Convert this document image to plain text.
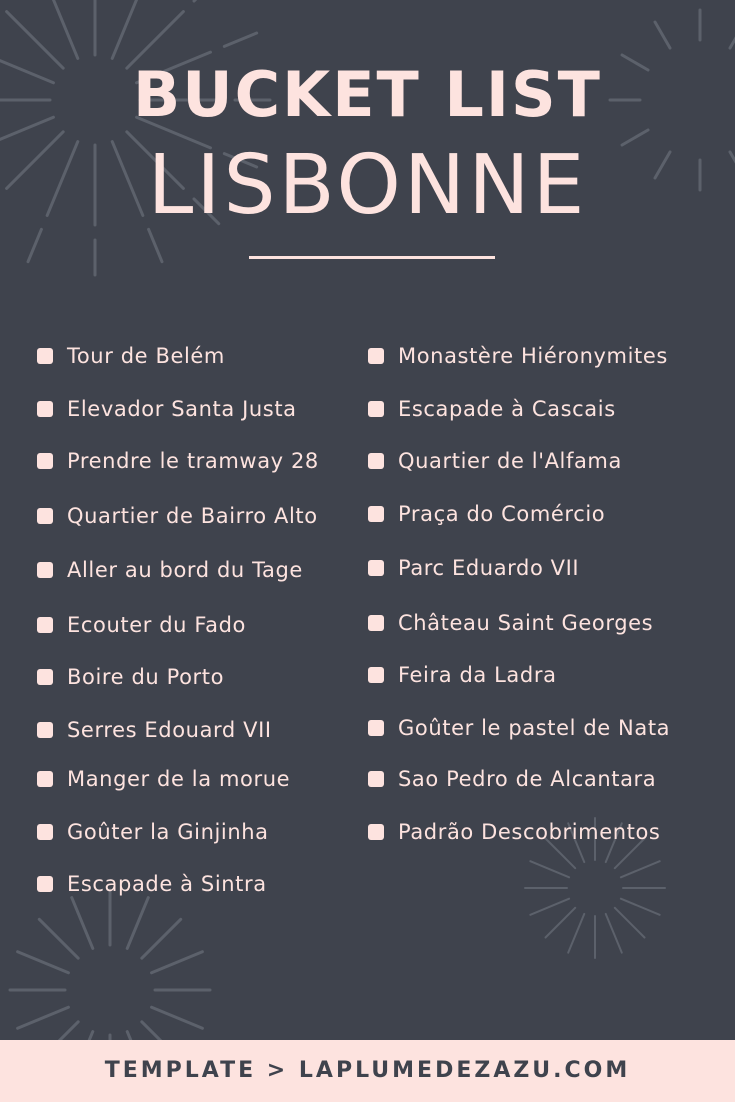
BUCKET LIST
LISBONNE
Tour de Belém
Elevador Santa Justa
Prendre le tramway 28
Quartier de Bairro Alto
Aller au bord du Tage
Ecouter du Fado
Boire du Porto
Serres Edouard VII
Manger de la morue
Goûter la Ginjinha
Escapade à Sintra
Monastère Hiéronymites
Escapade à Cascais
Quartier de l'Alfama
Praça do Comércio
Parc Eduardo VII
Château Saint Georges
Feira da Ladra
Goûter le pastel de Nata
Sao Pedro de Alcantara
Padrão Descobrimentos
TEMPLATE > LAPLUMEDEZAZU.COM
